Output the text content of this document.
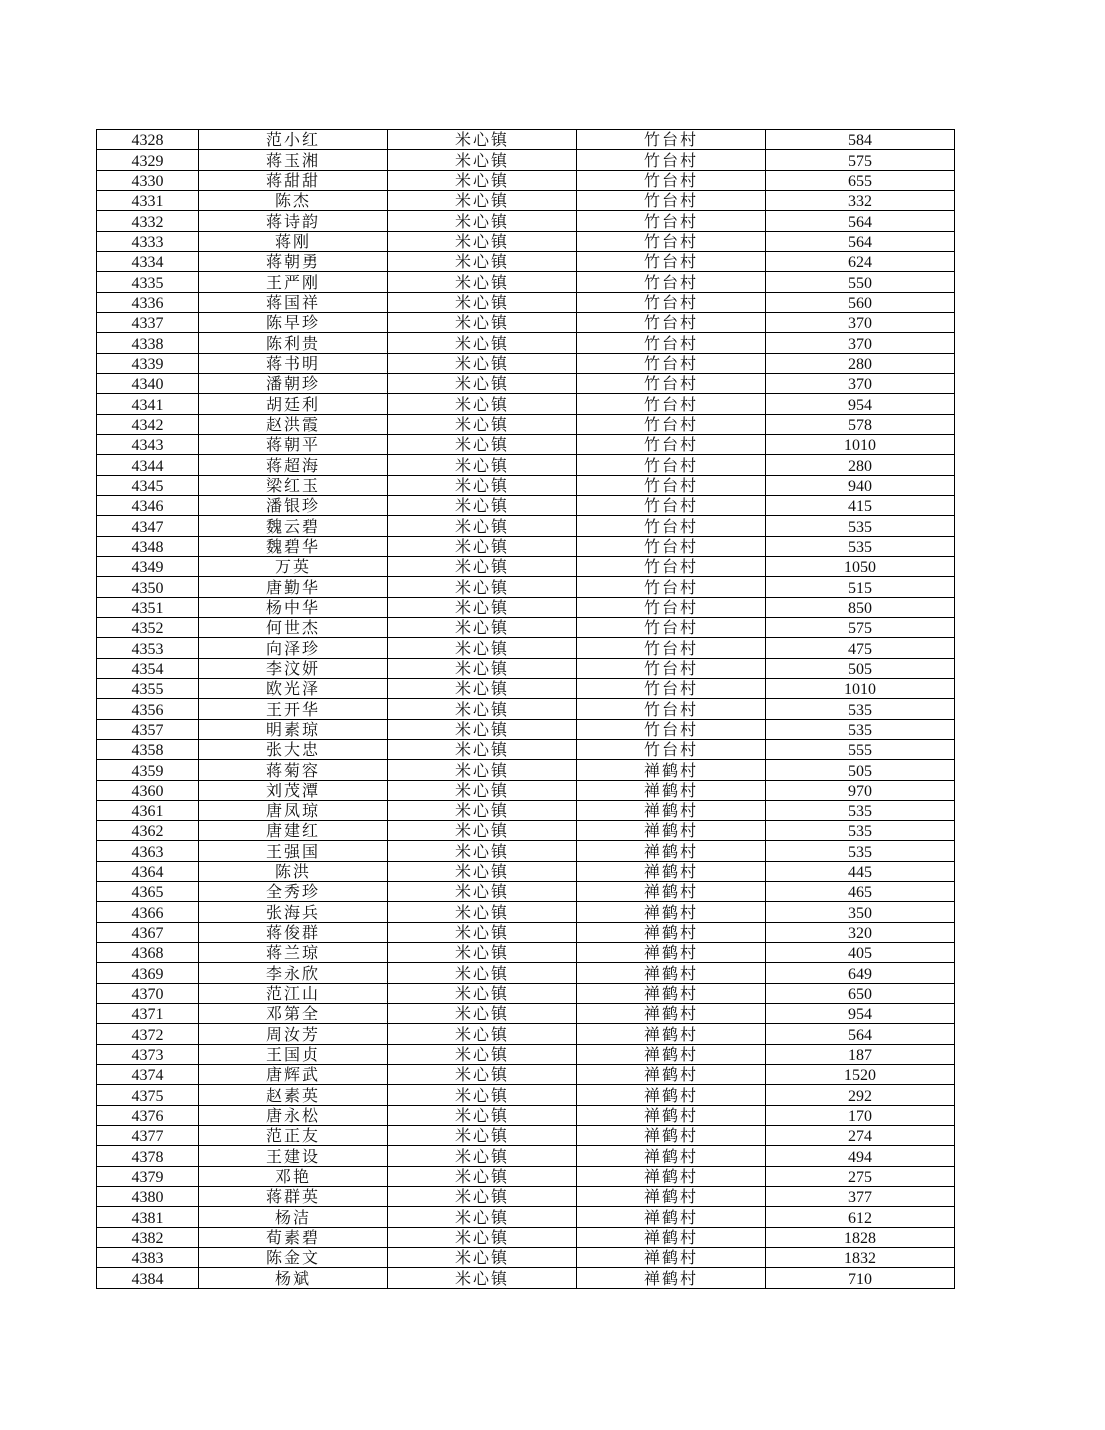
4328	范小红	米心镇	竹台村	584
4329	蒋玉湘	米心镇	竹台村	575
4330	蒋甜甜	米心镇	竹台村	655
4331	陈杰	米心镇	竹台村	332
4332	蒋诗韵	米心镇	竹台村	564
4333	蒋刚	米心镇	竹台村	564
4334	蒋朝勇	米心镇	竹台村	624
4335	王严刚	米心镇	竹台村	550
4336	蒋国祥	米心镇	竹台村	560
4337	陈早珍	米心镇	竹台村	370
4338	陈利贵	米心镇	竹台村	370
4339	蒋书明	米心镇	竹台村	280
4340	潘朝珍	米心镇	竹台村	370
4341	胡廷利	米心镇	竹台村	954
4342	赵洪霞	米心镇	竹台村	578
4343	蒋朝平	米心镇	竹台村	1010
4344	蒋超海	米心镇	竹台村	280
4345	梁红玉	米心镇	竹台村	940
4346	潘银珍	米心镇	竹台村	415
4347	魏云碧	米心镇	竹台村	535
4348	魏碧华	米心镇	竹台村	535
4349	万英	米心镇	竹台村	1050
4350	唐勤华	米心镇	竹台村	515
4351	杨中华	米心镇	竹台村	850
4352	何世杰	米心镇	竹台村	575
4353	向泽珍	米心镇	竹台村	475
4354	李汶妍	米心镇	竹台村	505
4355	欧光泽	米心镇	竹台村	1010
4356	王开华	米心镇	竹台村	535
4357	明素琼	米心镇	竹台村	535
4358	张大忠	米心镇	竹台村	555
4359	蒋菊容	米心镇	禅鹤村	505
4360	刘茂潭	米心镇	禅鹤村	970
4361	唐凤琼	米心镇	禅鹤村	535
4362	唐建红	米心镇	禅鹤村	535
4363	王强国	米心镇	禅鹤村	535
4364	陈洪	米心镇	禅鹤村	445
4365	全秀珍	米心镇	禅鹤村	465
4366	张海兵	米心镇	禅鹤村	350
4367	蒋俊群	米心镇	禅鹤村	320
4368	蒋兰琼	米心镇	禅鹤村	405
4369	李永欣	米心镇	禅鹤村	649
4370	范江山	米心镇	禅鹤村	650
4371	邓第全	米心镇	禅鹤村	954
4372	周汝芳	米心镇	禅鹤村	564
4373	王国贞	米心镇	禅鹤村	187
4374	唐辉武	米心镇	禅鹤村	1520
4375	赵素英	米心镇	禅鹤村	292
4376	唐永松	米心镇	禅鹤村	170
4377	范正友	米心镇	禅鹤村	274
4378	王建设	米心镇	禅鹤村	494
4379	邓艳	米心镇	禅鹤村	275
4380	蒋群英	米心镇	禅鹤村	377
4381	杨洁	米心镇	禅鹤村	612
4382	荀素碧	米心镇	禅鹤村	1828
4383	陈金文	米心镇	禅鹤村	1832
4384	杨斌	米心镇	禅鹤村	710
